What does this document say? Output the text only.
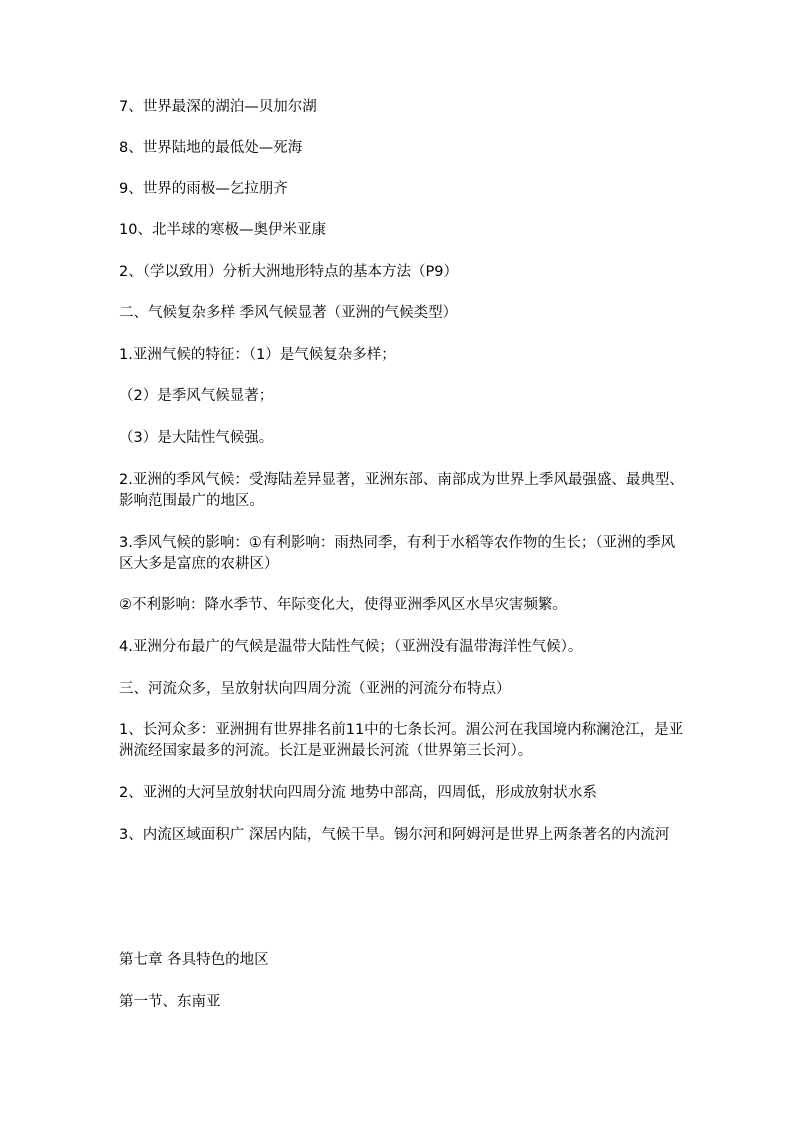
7、世界最深的湖泊—贝加尔湖
8、世界陆地的最低处—死海
9、世界的雨极—乞拉朋齐
10、北半球的寒极—奥伊米亚康
2、（学以致用）分析大洲地形特点的基本方法（P9）
二、气候复杂多样 季风气候显著（亚洲的气候类型）
1.亚洲气候的特征：（1）是气候复杂多样；
（2）是季风气候显著；
（3）是大陆性气候强。
2.亚洲的季风气候：受海陆差异显著，亚洲东部、南部成为世界上季风最强盛、最典型、影响范围最广的地区。
3.季风气候的影响：①有利影响：雨热同季，有利于水稻等农作物的生长；（亚洲的季风区大多是富庶的农耕区）
②不利影响：降水季节、年际变化大，使得亚洲季风区水旱灾害频繁。
4.亚洲分布最广的气候是温带大陆性气候；（亚洲没有温带海洋性气候）。
三、河流众多，呈放射状向四周分流（亚洲的河流分布特点）
1、长河众多：亚洲拥有世界排名前11中的七条长河。湄公河在我国境内称澜沧江，是亚洲流经国家最多的河流。长江是亚洲最长河流（世界第三长河）。
2、亚洲的大河呈放射状向四周分流 地势中部高，四周低，形成放射状水系
3、内流区域面积广 深居内陆，气候干旱。锡尔河和阿姆河是世界上两条著名的内流河
第七章 各具特色的地区
第一节、东南亚
